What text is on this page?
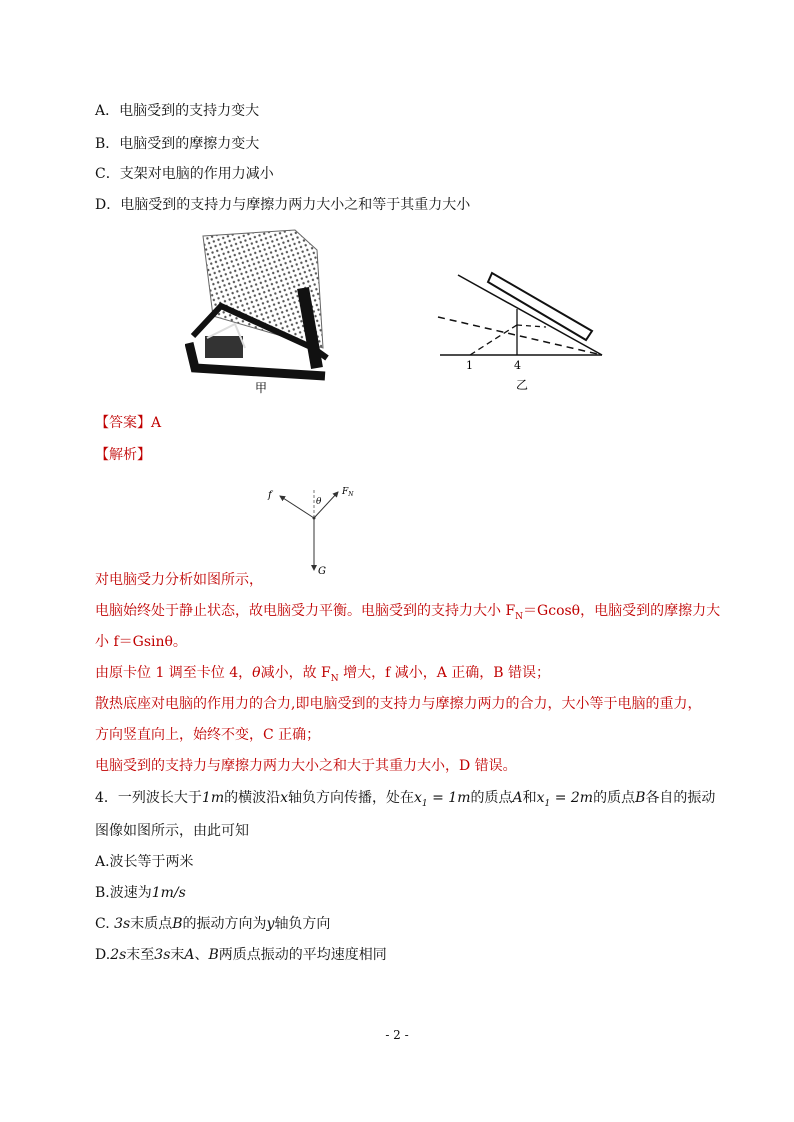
A．电脑受到的支持力变大
B．电脑受到的摩擦力变大
C．支架对电脑的作用力减小
D．电脑受到的支持力与摩擦力两力大小之和等于其重力大小
甲
1	4
乙
【答案】A
【解析】
f
θ
$F_N$
G
对电脑受力分析如图所示，
电脑始终处于静止状态，故电脑受力平衡。电脑受到的支持力大小 $F_N=Gcos\theta$，电脑受到的摩擦力大
小 f＝Gsinθ。
由原卡位 1 调至卡位 4，θ减小，故 $F_N$ 增大，f 减小，A 正确，B 错误；
散热底座对电脑的作用力的合力,即电脑受到的支持力与摩擦力两力的合力，大小等于电脑的重力，
方向竖直向上，始终不变，C 正确；
电脑受到的支持力与摩擦力两力大小之和大于其重力大小，D 错误。
4．一列波长大于1m的横波沿x轴负方向传播，处在$x_1 = 1m$的质点A和$x_1 = 2m$的质点B各自的振动
图像如图所示，由此可知
A.波长等于两米
B.波速为1m/s
C. 3s末质点B的振动方向为y轴负方向
D.2s末至3s末A、B两质点振动的平均速度相同
- 2 -
